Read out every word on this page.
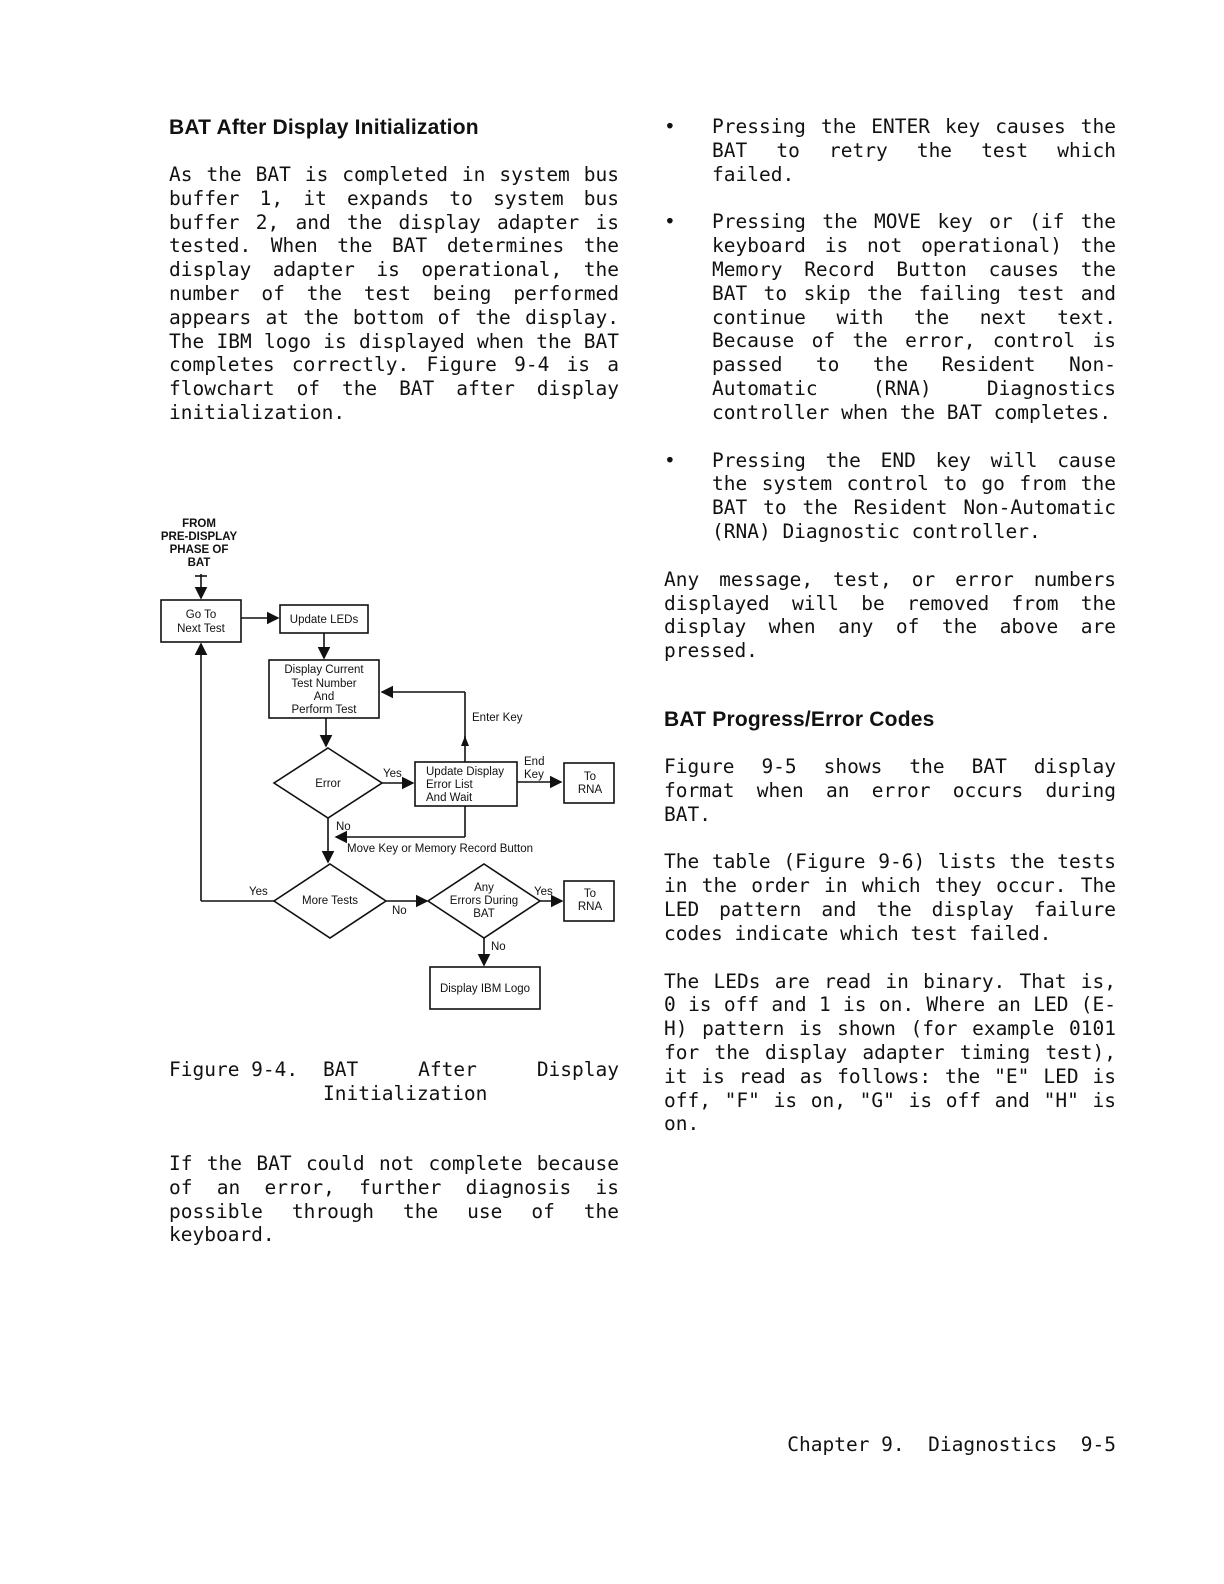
BAT After Display Initialization

As the BAT is completed in system bus buffer 1, it expands to system bus buffer 2, and the display adapter is tested. When the BAT determines the display adapter is operational, the number of the test being performed appears at the bottom of the display. The IBM logo is displayed when the BAT completes correctly. Figure 9-4 is a flowchart of the BAT after display initialization.

FROM
PRE-DISPLAY
PHASE OF
BAT
Go To
Next Test
Update LEDs
Display Current
Test Number
And
Perform Test
Enter Key
Error
Yes Update Display
Error List
And Wait
End
Key	To
RNA
No
Move Key or Memory Record Button
Yes
More Tests
No
Any
Errors During
BAT
Yes	To
RNA
No
Display IBM Logo
Figure 9-4. BAT	After	Display
Initialization

If the BAT could not complete because of an error, further diagnosis is possible through the use of the keyboard.

• Pressing the ENTER key causes the BAT to retry the test which failed.
• Pressing the MOVE key or (if the keyboard is not operational) the Memory Record Button causes the BAT to skip the failing test and continue with the next text. Because of the error, control is passed to the Resident Non-Automatic (RNA) Diagnostics controller when the BAT completes.
• Pressing the END key will cause the system control to go from the BAT to the Resident Non-Automatic (RNA) Diagnostic controller.

Any message, test, or error numbers displayed will be removed from the display when any of the above are pressed.

BAT Progress/Error Codes

Figure 9-5 shows the BAT display format when an error occurs during BAT.

The table (Figure 9-6) lists the tests in the order in which they occur. The LED pattern and the display failure codes indicate which test failed.

The LEDs are read in binary. That is, 0 is off and 1 is on. Where an LED (E-H) pattern is shown (for example 0101 for the display adapter timing test), it is read as follows: the "E" LED is off, "F" is on, "G" is off and "H" is on.

Chapter 9.  Diagnostics  9-5
